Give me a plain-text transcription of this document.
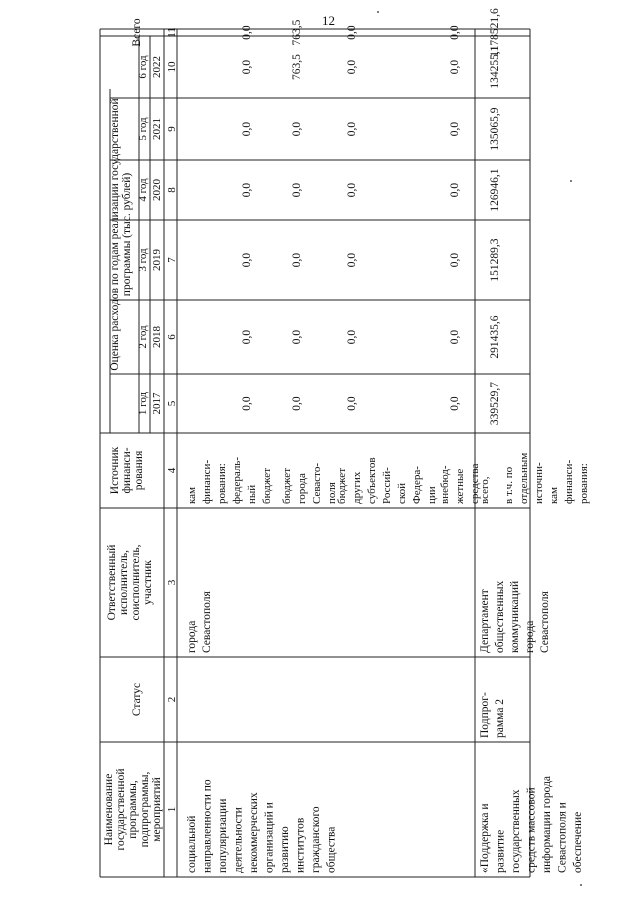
12
Наименование государственной программы, подпрограммы, мероприятий
Статус
Ответственный исполнитель, соисполнитель, участник
Источник финанси- рования
Оценка расходов по годам реализации государственной программы (тыс. рублей)
1 год 2017
2 год 2018
3 год 2019
4 год 2020
5 год 2021
6 год 2022
Всего
1
2
3
4
5
6
7
8
9
10
11
социальной направленности по популяризации деятельности некоммерческих организаций и развитию институтов гражданского общества
города Севастополя
кам финанси- рования: федераль- ный бюджет
0,0
0,0
0,0
0,0
0,0
0,0
0,0
бюджет города Севасто- поля
0,0
0,0
0,0
0,0
0,0
763,5
763,5
бюджет других субъектов Россий- ской Федера- ции
0,0
0,0
0,0
0,0
0,0
0,0
0,0
внебюд- жетные средства
0,0
0,0
0,0
0,0
0,0
0,0
0,0
«Поддержка и развитие государственных средств массовой информации города Севастополя и обеспечение
Подпрог- рамма 2
Департамент общественных коммуникаций города Севастополя
всего,
339529,7
291435,6
151289,3
126946,1
135065,9
134255,1
1178521,6
в т.ч. по отдельным источни- кам финанси- рования:
